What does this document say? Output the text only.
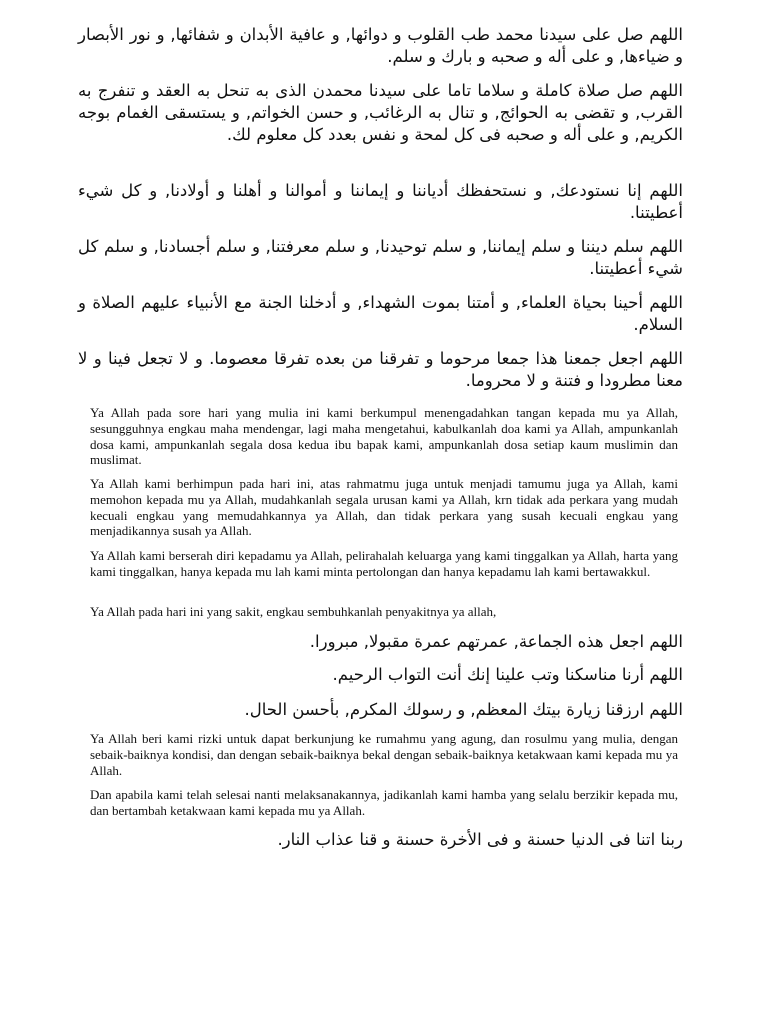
اللهم صل على سيدنا محمد طب القلوب و دوائها, و عافية الأبدان و شفائها, و نور الأبصار و ضياءها, و على أله و صحبه و بارك و سلم.

اللهم صل صلاة كاملة و سلاما تاما على سيدنا محمدن الذى به تنحل به العقد و تنفرج به القرب, و تقضى به الحوائج, و تنال به الرغائب, و حسن الخواتم, و يستسقى الغمام بوجه الكريم, و على أله و صحبه فى كل لمحة و نفس بعدد كل معلوم لك.

اللهم إنا نستودعك, و نستحفظك أدياننا و إيماننا و أموالنا و أهلنا و أولادنا, و كل شيء أعطيتنا.

اللهم سلم ديننا و سلم إيماننا, و سلم توحيدنا, و سلم معرفتنا, و سلم أجسادنا, و سلم كل شيء أعطيتنا.

اللهم أحينا بحياة العلماء, و أمتنا بموت الشهداء, و أدخلنا الجنة مع الأنبياء عليهم الصلاة و السلام.

اللهم اجعل جمعنا هذا جمعا مرحوما و تفرقنا من بعده تفرقا معصوما. و لا تجعل فينا و لا معنا مطرودا و فتنة و لا محروما.

Ya Allah pada sore hari yang mulia ini kami berkumpul menengadahkan tangan kepada mu ya Allah, sesungguhnya engkau maha mendengar, lagi maha mengetahui, kabulkanlah doa kami ya Allah, ampunkanlah dosa kami, ampunkanlah segala dosa kedua ibu bapak kami, ampunkanlah dosa setiap kaum muslimin dan muslimat.

Ya Allah kami berhimpun pada hari ini, atas rahmatmu juga untuk menjadi tamumu juga ya Allah, kami memohon kepada mu ya Allah, mudahkanlah segala urusan kami ya Allah, krn tidak ada perkara yang mudah kecuali engkau yang memudahkannya ya Allah, dan tidak perkara yang susah kecuali engkau yang menjadikannya susah ya Allah.

Ya Allah kami berserah diri kepadamu ya Allah, pelirahalah keluarga yang kami tinggalkan ya Allah, harta yang kami tinggalkan, hanya kepada mu lah kami minta pertolongan dan hanya kepadamu lah kami bertawakkul.

Ya Allah pada hari ini yang sakit, engkau sembuhkanlah penyakitnya ya allah,

اللهم اجعل هذه الجماعة, عمرتهم عمرة مقبولا, مبرورا.

اللهم أرنا مناسكنا وتب علينا إنك أنت التواب الرحيم.

اللهم ارزقنا زيارة بيتك المعظم, و رسولك المكرم, بأحسن الحال.

Ya Allah beri kami rizki untuk dapat berkunjung ke rumahmu yang agung, dan rosulmu yang mulia, dengan sebaik-baiknya kondisi, dan dengan sebaik-baiknya bekal dengan sebaik-baiknya ketakwaan kami kepada mu ya Allah.

Dan apabila kami telah selesai nanti melaksanakannya, jadikanlah kami hamba yang selalu berzikir kepada mu, dan bertambah ketakwaan kami kepada mu ya Allah.

ربنا اتنا فى الدنيا حسنة و فى الأخرة حسنة و قنا عذاب النار.
